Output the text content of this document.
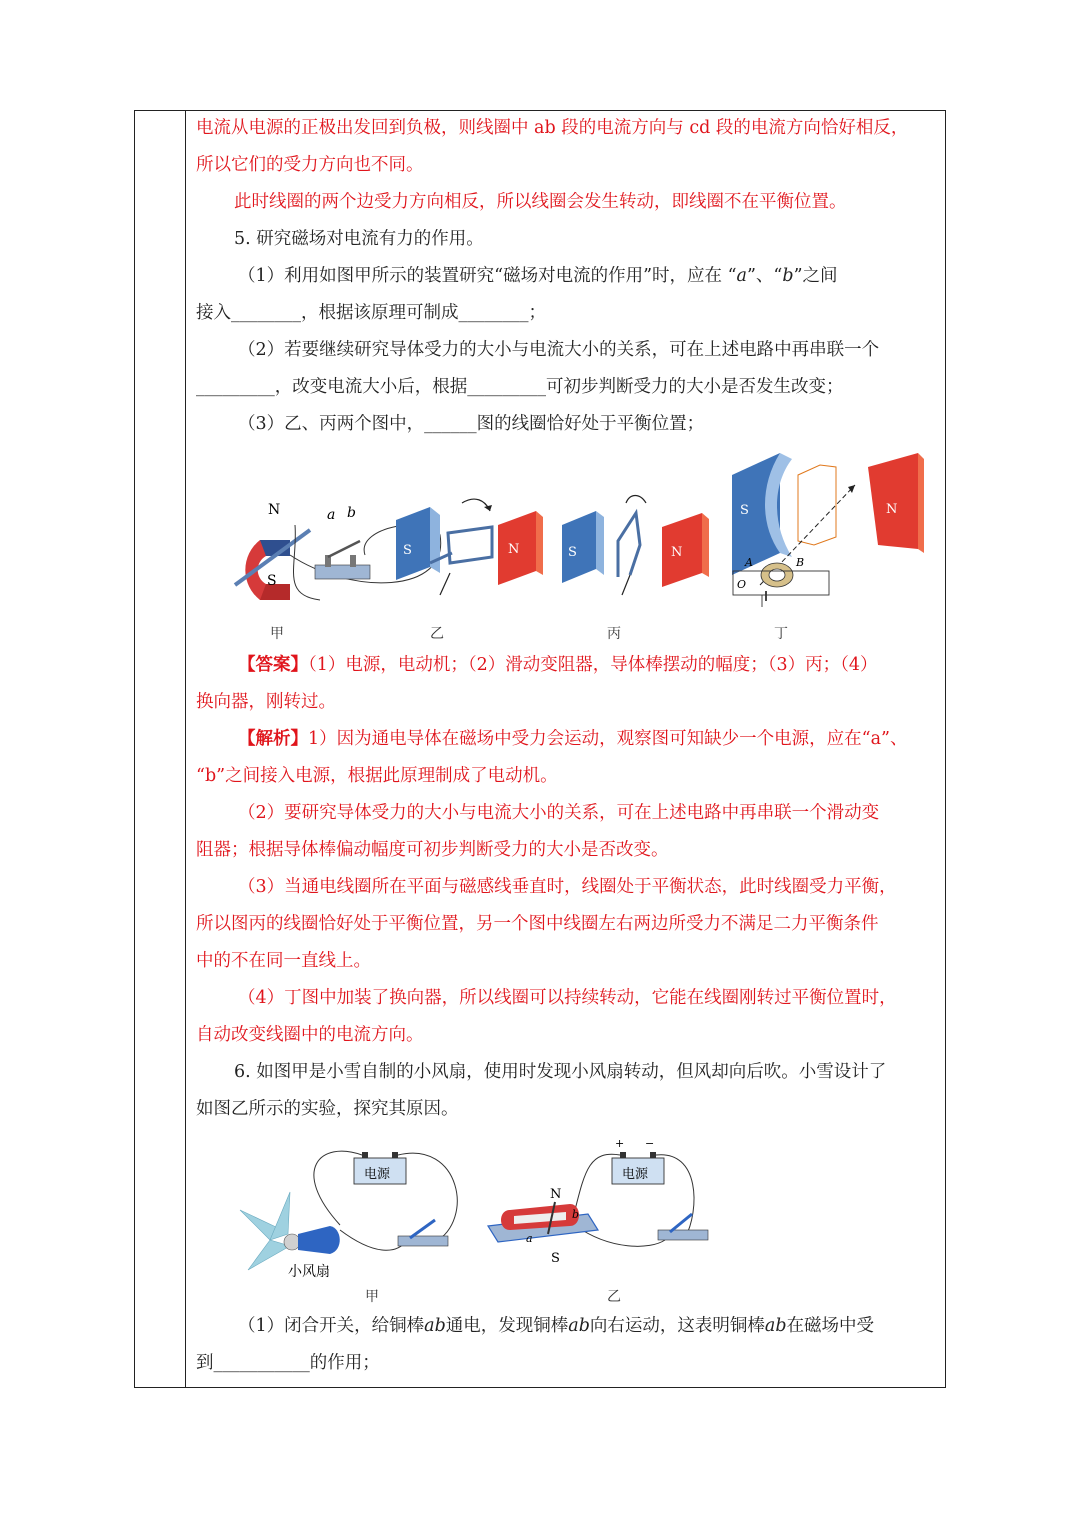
电流从电源的正极出发回到负极，则线圈中 ab 段的电流方向与 cd 段的电流方向恰好相反，
所以它们的受力方向也不同。
此时线圈的两个边受力方向相反，所以线圈会发生转动，即线圈不在平衡位置。
5. 研究磁场对电流有力的作用。
（1）利用如图甲所示的装置研究“磁场对电流的作用”时，应在 “a”、“b”之间
接入________，根据该原理可制成________；
（2）若要继续研究导体受力的大小与电流大小的关系，可在上述电路中再串联一个
_________，改变电流大小后，根据_________可初步判断受力的大小是否发生改变；
（3）乙、丙两个图中，______图的线圈恰好处于平衡位置；
N
S
a b
S	N	S	N
S	N
A	B
O
甲	乙	丙	丁
【答案】（1）电源，电动机；（2）滑动变阻器，导体棒摆动的幅度；（3）丙；（4）
换向器，刚转过。
【解析】1）因为通电导体在磁场中受力会运动，观察图可知缺少一个电源，应在“a”、
“b”之间接入电源，根据此原理制成了电动机。
（2）要研究导体受力的大小与电流大小的关系，可在上述电路中再串联一个滑动变
阻器；根据导体棒偏动幅度可初步判断受力的大小是否改变。
（3）当通电线圈所在平面与磁感线垂直时，线圈处于平衡状态，此时线圈受力平衡，
所以图丙的线圈恰好处于平衡位置，另一个图中线圈左右两边所受力不满足二力平衡条件
中的不在同一直线上。
（4）丁图中加装了换向器，所以线圈可以持续转动，它能在线圈刚转过平衡位置时，
自动改变线圈中的电流方向。
6. 如图甲是小雪自制的小风扇，使用时发现小风扇转动，但风却向后吹。小雪设计了
如图乙所示的实验，探究其原因。
电源
小风扇
+ −
电源
N
S
b
a
甲	乙
（1）闭合开关，给铜棒ab通电，发现铜棒ab向右运动，这表明铜棒ab在磁场中受
到___________的作用；
